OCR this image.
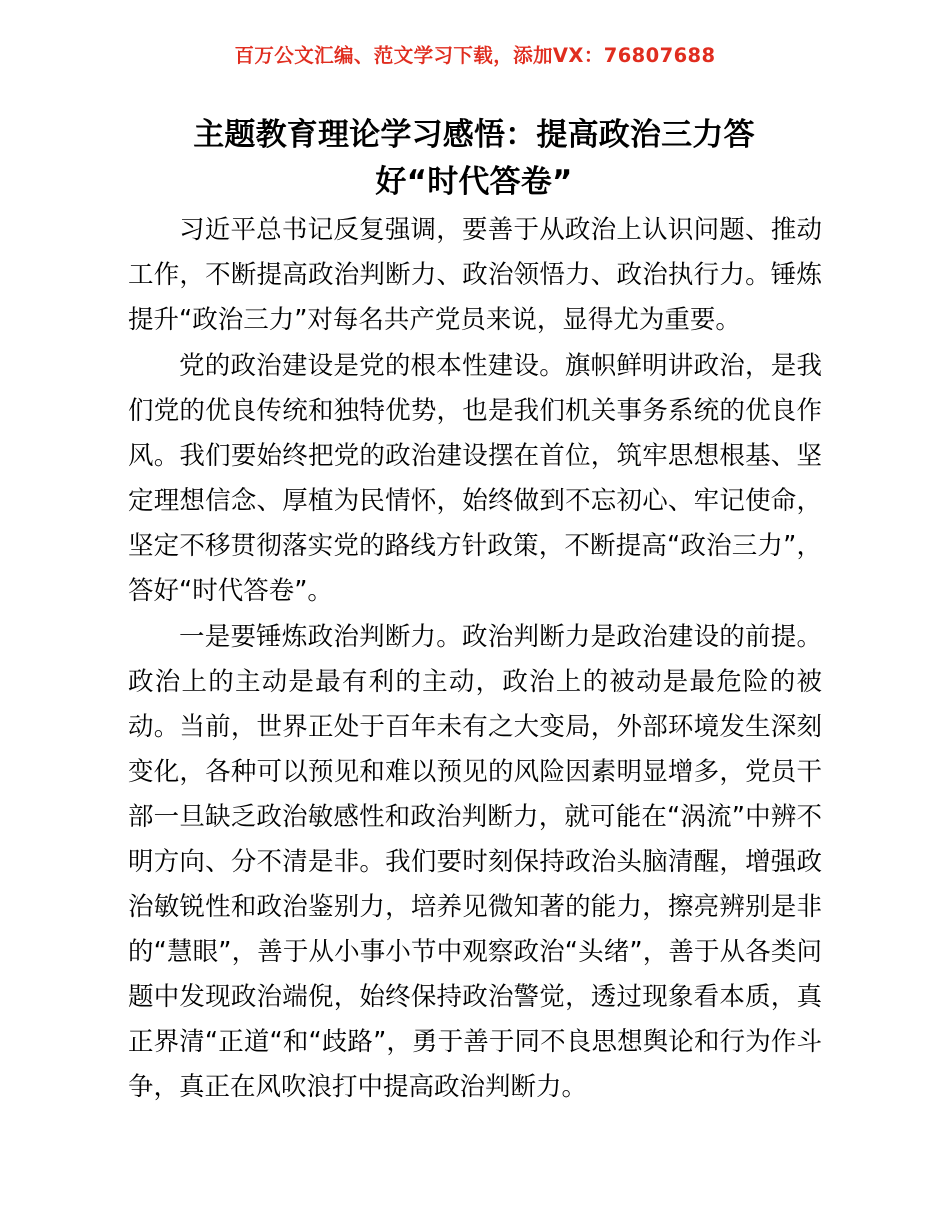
百万公文汇编、范文学习下载，添加VX：76807688
主题教育理论学习感悟：提高政治三力答
好“时代答卷”

习近平总书记反复强调，要善于从政治上认识问题、推动工作，不断提高政治判断力、政治领悟力、政治执行力。锤炼提升“政治三力”对每名共产党员来说，显得尤为重要。

党的政治建设是党的根本性建设。旗帜鲜明讲政治，是我们党的优良传统和独特优势，也是我们机关事务系统的优良作风。我们要始终把党的政治建设摆在首位，筑牢思想根基、坚定理想信念、厚植为民情怀，始终做到不忘初心、牢记使命，坚定不移贯彻落实党的路线方针政策，不断提高“政治三力”，答好“时代答卷”。

一是要锤炼政治判断力。政治判断力是政治建设的前提。政治上的主动是最有利的主动，政治上的被动是最危险的被动。当前，世界正处于百年未有之大变局，外部环境发生深刻变化，各种可以预见和难以预见的风险因素明显增多，党员干部一旦缺乏政治敏感性和政治判断力，就可能在“涡流”中辨不明方向、分不清是非。我们要时刻保持政治头脑清醒，增强政治敏锐性和政治鉴别力，培养见微知著的能力，擦亮辨别是非的“慧眼”，善于从小事小节中观察政治“头绪”，善于从各类问题中发现政治端倪，始终保持政治警觉，透过现象看本质，真正界清“正道“和“歧路”，勇于善于同不良思想舆论和行为作斗争，真正在风吹浪打中提高政治判断力。
